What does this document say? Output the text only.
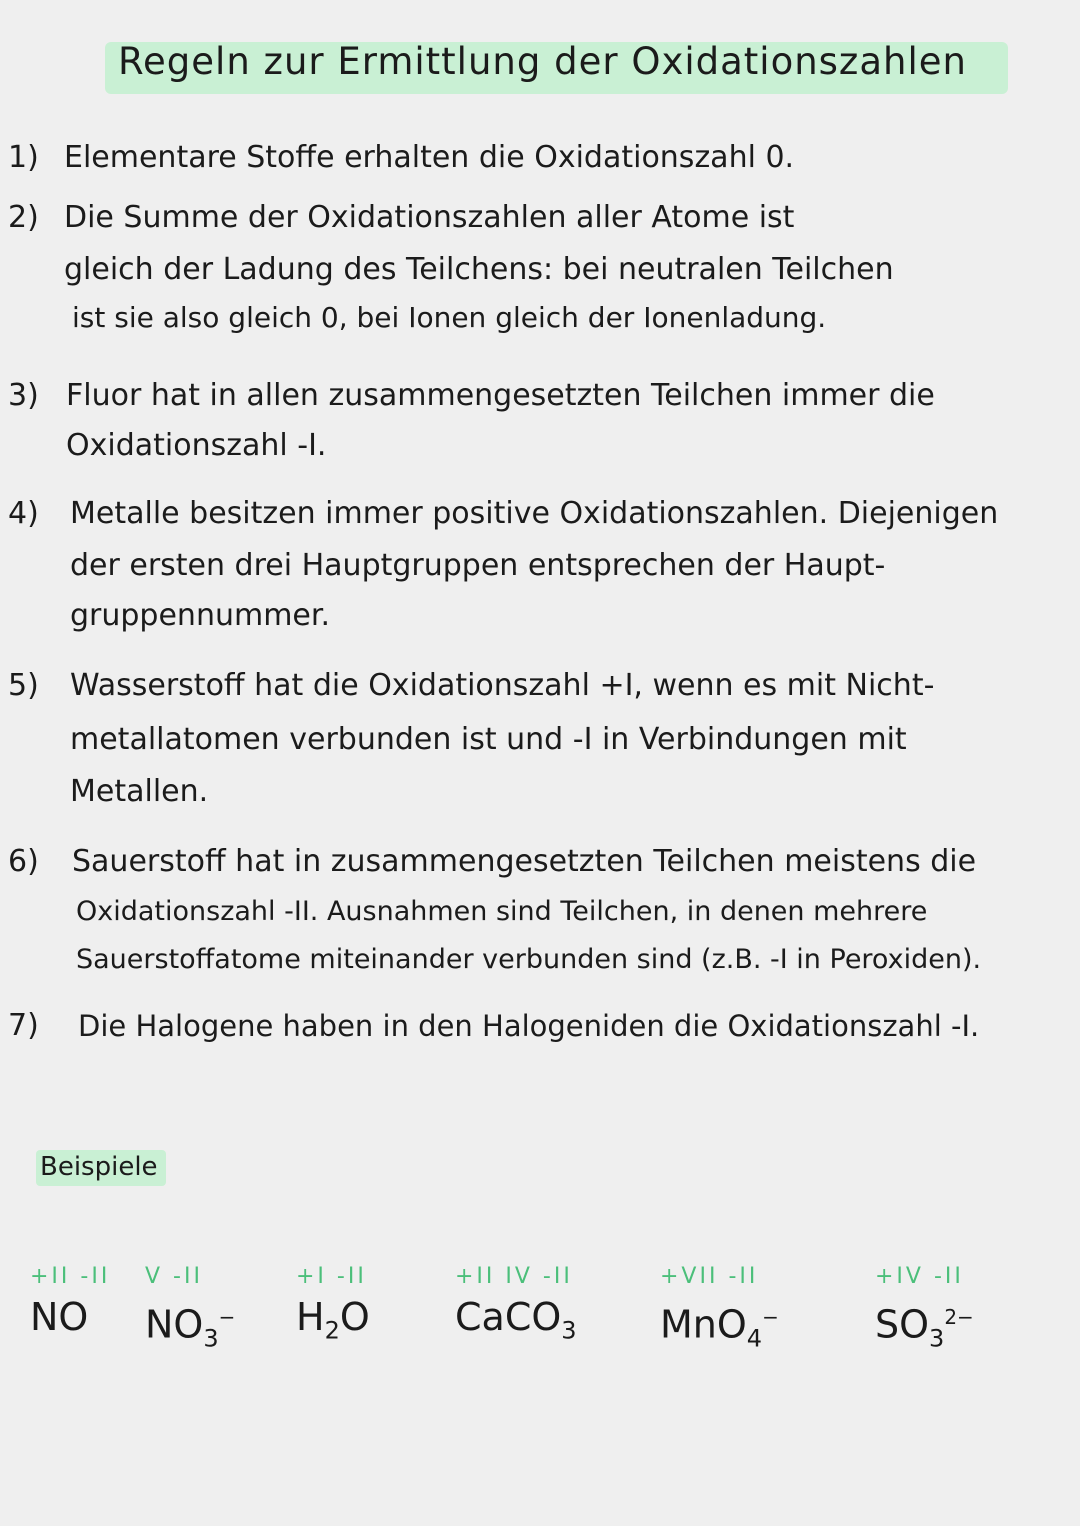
Regeln zur Ermittlung der Oxidationszahlen
1) Elementare Stoffe erhalten die Oxidationszahl 0.
2) Die Summe der Oxidationszahlen aller Atome ist
gleich der Ladung des Teilchens: bei neutralen Teilchen
ist sie also gleich 0, bei Ionen gleich der Ionenladung.
3) Fluor hat in allen zusammengesetzten Teilchen immer die
Oxidationszahl -I.
4) Metalle besitzen immer positive Oxidationszahlen. Diejenigen
der ersten drei Hauptgruppen entsprechen der Haupt-
gruppennummer.
5) Wasserstoff hat die Oxidationszahl +I, wenn es mit Nicht-
metallatomen verbunden ist und -I in Verbindungen mit
Metallen.
6) Sauerstoff hat in zusammengesetzten Teilchen meistens die
Oxidationszahl -II. Ausnahmen sind Teilchen, in denen mehrere
Sauerstoffatome miteinander verbunden sind (z.B. -I in Peroxiden).
7) Die Halogene haben in den Halogeniden die Oxidationszahl -I.
Beispiele
+II -II
NO
V -II
$NO_3^-$
+I -II
$H_2O$
+II IV -II
CaCO$_3$
+VII -II
MnO$_4$−
+IV -II
$SO_3^{2-}$
